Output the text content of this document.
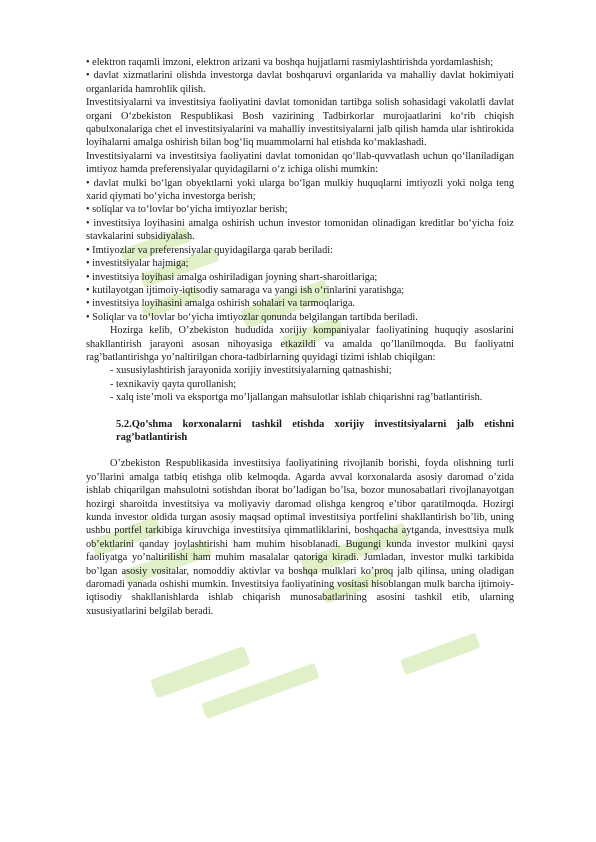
• elektron raqamli imzoni, elektron arizani va boshqa hujjatlarni rasmiylashtirishda yordamlashish;

• davlat xizmatlarini olishda investorga davlat boshqaruvi organlarida va mahalliy davlat hokimiyati organlarida hamrohlik qilish.

Investitsiyalarni va investitsiya faoliyatini davlat tomonidan tartibga solish sohasidagi vakolatli davlat organi O‘zbekiston Respublikasi Bosh vazirining Tadbirkorlar murojaatlarini ko‘rib chiqish qabulxonalariga chet el investitsiyalarini va mahalliy investitsiyalarni jalb qilish hamda ular ishtirokida loyihalarni amalga oshirish bilan bog‘liq muammolarni hal etishda ko‘maklashadi.

Investitsiyalarni va investitsiya faoliyatini davlat tomonidan qo‘llab-quvvatlash uchun qo‘llaniladigan imtiyoz hamda preferensiyalar quyidagilarni o‘z ichiga olishi mumkin:

• davlat mulki bo‘lgan obyektlarni yoki ularga bo‘lgan mulkiy huquqlarni imtiyozli yoki nolga teng xarid qiymati bo‘yicha investorga berish;

• soliqlar va to‘lovlar bo‘yicha imtiyozlar berish;

• investitsiya loyihasini amalga oshirish uchun investor tomonidan olinadigan kreditlar bo‘yicha foiz stavkalarini subsidiyalash.

• Imtiyozlar va preferensiyalar quyidagilarga qarab beriladi:

• investitsiyalar hajmiga;

• investitsiya loyihasi amalga oshiriladigan joyning shart-sharoitlariga;

• kutilayotgan ijtimoiy-iqtisodiy samaraga va yangi ish o‘rinlarini yaratishga;

• investitsiya loyihasini amalga oshirish sohalari va tarmoqlariga.

• Soliqlar va to‘lovlar bo‘yicha imtiyozlar qonunda belgilangan tartibda beriladi.

Hozirga kelib, O’zbekiston hududida xorijiy kompaniyalar faoliyatining huquqiy asoslarini shakllantirish jarayoni asosan nihoyasiga etkazildi va amalda qo’llanilmoqda. Bu faoliyatni rag’batlantirishga yo’naltirilgan chora-tadbirlarning quyidagi tizimi ishlab chiqilgan:

- xususiylashtirish jarayonida xorijiy investitsiyalarning qatnashishi;

- texnikaviy qayta qurollanish;

- xalq iste’moli va eksportga mo’ljallangan mahsulotlar ishlab chiqarishni rag’batlantirish.

5.2.Qo’shma korxonalarni tashkil etishda xorijiy investitsiyalarni jalb etishni rag’batlantirish

O’zbekiston Respublikasida investitsiya faoliyatining rivojlanib borishi, foyda olishning turli yo’llarini amalga tatbiq etishga olib kelmoqda. Agarda avval korxonalarda asosiy daromad o’zida ishlab chiqarilgan mahsulotni sotishdan iborat bo’ladigan bo’lsa, bozor munosabatlari rivojlanayotgan hozirgi sharoitda investitsiya va moliyaviy daromad olishga kengroq e’tibor qaratilmoqda. Hozirgi kunda investor oldida turgan asosiy maqsad optimal investitsiya portfelini shakllantirish bo’lib, uning ushbu portfel tarkibiga kiruvchiga investitsiya qimmatliklarini, boshqacha aytganda, investtsiya mulk ob’ektlarini qanday joylashtirishi ham muhim hisoblanadi. Bugungi kunda investor mulkini qaysi faoliyatga yo’naltirilishi ham muhim masalalar qatoriga kiradi. Jumladan, investor mulki tarkibida bo’lgan asosiy vositalar, nomoddiy aktivlar va boshqa mulklari ko’proq jalb qilinsa, uning oladigan daromadi yanada oshishi mumkin. Investitsiya faoliyatining vositasi hisoblangan mulk barcha ijtimoiy-iqtisodiy shakllanishlarda ishlab chiqarish munosabatlarining asosini tashkil etib, ularning xususiyatlarini belgilab beradi.
